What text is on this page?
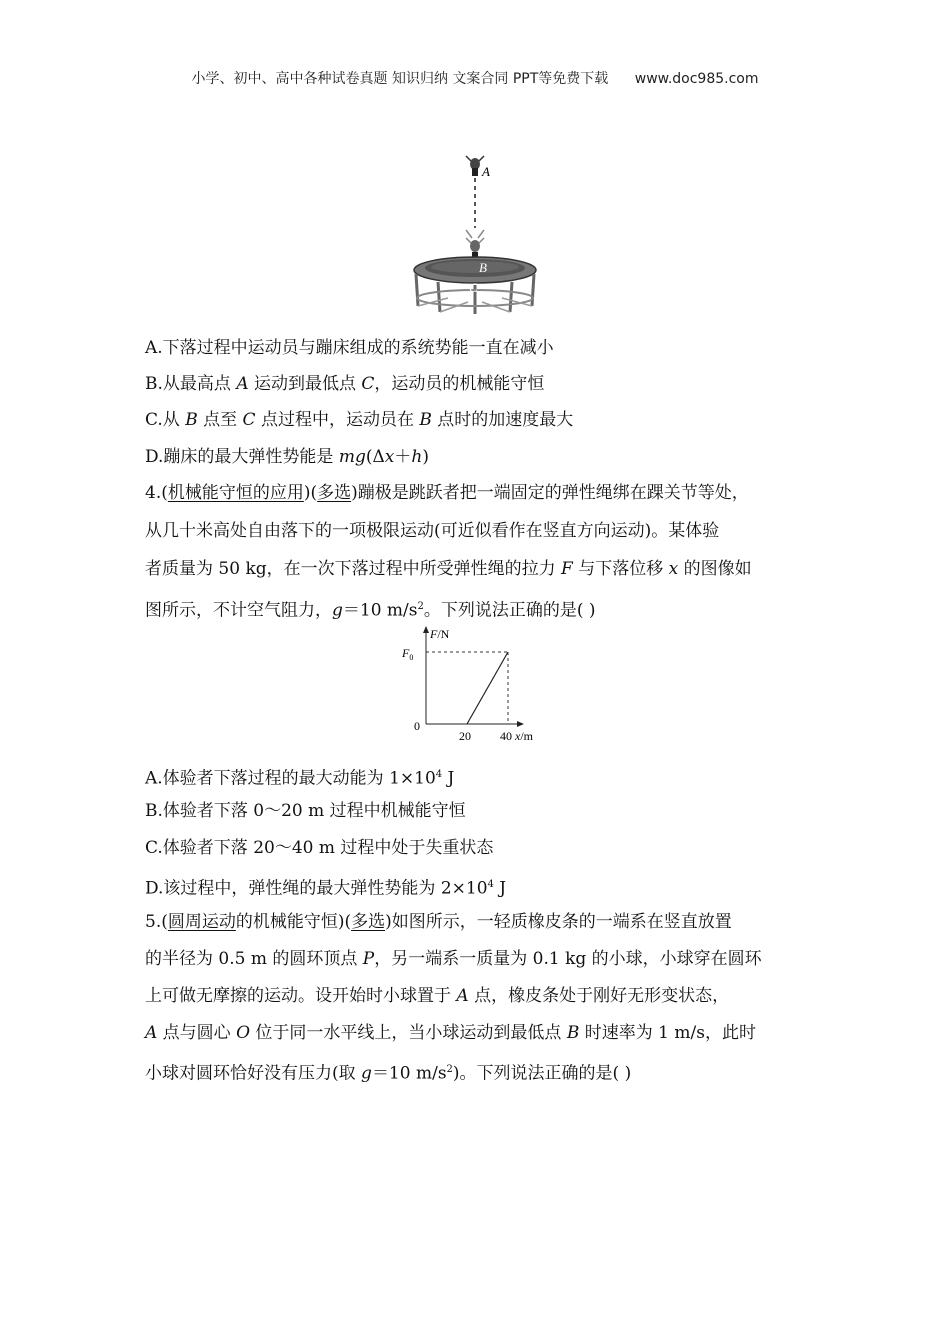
小学、初中、高中各种试卷真题 知识归纳 文案合同 PPT等免费下载 www.doc985.com
A
B
C
A.下落过程中运动员与蹦床组成的系统势能一直在减小
B.从最高点 A 运动到最低点 C，运动员的机械能守恒
C.从 B 点至 C 点过程中，运动员在 B 点时的加速度最大
D.蹦床的最大弹性势能是 mg(Δx＋h)
4.(机械能守恒的应用)(多选)蹦极是跳跃者把一端固定的弹性绳绑在踝关节等处，
从几十米高处自由落下的一项极限运动(可近似看作在竖直方向运动)。某体验
者质量为 50 kg，在一次下落过程中所受弹性绳的拉力 F 与下落位移 x 的图像如
图所示，不计空气阻力，g＝10 $m/s^2$。下列说法正确的是( )
F/N
$F_0$
0
x/m
20 40
A.体验者下落过程的最大动能为 $1\times 10^4$ J
B.体验者下落 0～20 m 过程中机械能守恒
C.体验者下落 20～40 m 过程中处于失重状态
D.该过程中，弹性绳的最大弹性势能为 $2\times 10^4$ J
5.(圆周运动的机械能守恒)(多选)如图所示，一轻质橡皮条的一端系在竖直放置
的半径为 0.5 m 的圆环顶点 P，另一端系一质量为 0.1 kg 的小球，小球穿在圆环
上可做无摩擦的运动。设开始时小球置于 A 点，橡皮条处于刚好无形变状态，
A 点与圆心 O 位于同一水平线上，当小球运动到最低点 B 时速率为 1 m/s，此时
小球对圆环恰好没有压力(取 g＝10 $m/s^2$)。下列说法正确的是( )
